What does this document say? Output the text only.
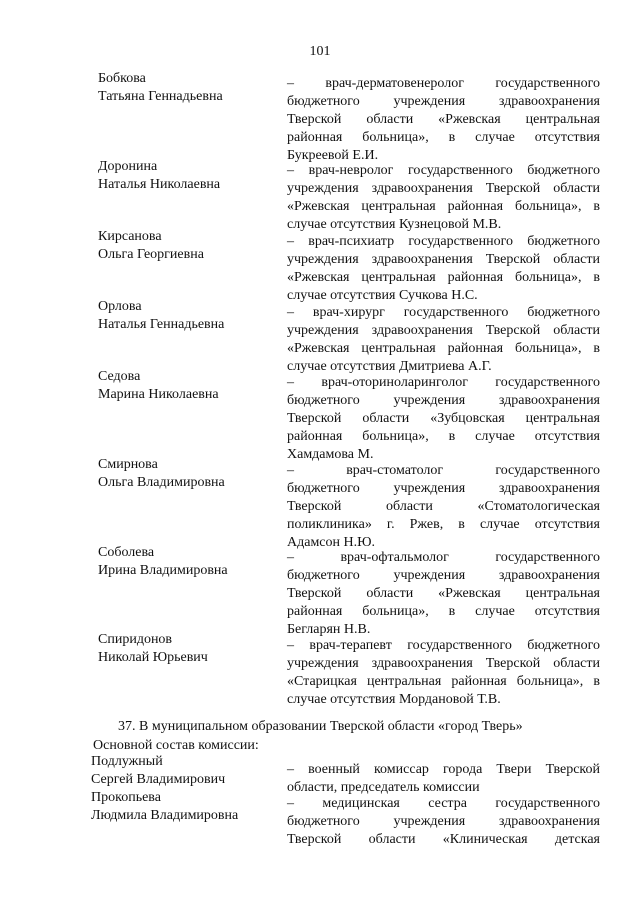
101
Бобкова
Татьяна Геннадьевна
– врач-дерматовенеролог государственного
бюджетного учреждения здравоохранения
Тверской области «Ржевская центральная
районная больница», в случае отсутствия
Букреевой Е.И.
Доронина
Наталья Николаевна
– врач-невролог государственного бюджетного
учреждения здравоохранения Тверской области
«Ржевская центральная районная больница», в
случае отсутствия Кузнецовой М.В.
Кирсанова
Ольга Георгиевна
– врач-психиатр государственного бюджетного
учреждения здравоохранения Тверской области
«Ржевская центральная районная больница», в
случае отсутствия Сучкова Н.С.
Орлова
Наталья Геннадьевна
– врач-хирург государственного бюджетного
учреждения здравоохранения Тверской области
«Ржевская центральная районная больница», в
случае отсутствия Дмитриева А.Г.
Седова
Марина Николаевна
– врач-оториноларинголог государственного
бюджетного учреждения здравоохранения
Тверской области «Зубцовская центральная
районная больница», в случае отсутствия
Хамдамова М.
Смирнова
Ольга Владимировна
– врач-стоматолог государственного
бюджетного учреждения здравоохранения
Тверской области «Стоматологическая
поликлиника» г. Ржев, в случае отсутствия
Адамсон Н.Ю.
Соболева
Ирина Владимировна
– врач-офтальмолог государственного
бюджетного учреждения здравоохранения
Тверской области «Ржевская центральная
районная больница», в случае отсутствия
Бегларян Н.В.
Спиридонов
Николай Юрьевич
– врач-терапевт государственного бюджетного
учреждения здравоохранения Тверской области
«Старицкая центральная районная больница», в
случае отсутствия Мордановой Т.В.
37. В муниципальном образовании Тверской области «город Тверь»
Основной состав комиссии:
Подлужный
Сергей Владимирович
– военный комиссар города Твери Тверской
области, председатель комиссии
Прокопьева
Людмила Владимировна
– медицинская сестра государственного
бюджетного учреждения здравоохранения
Тверской области «Клиническая детская
